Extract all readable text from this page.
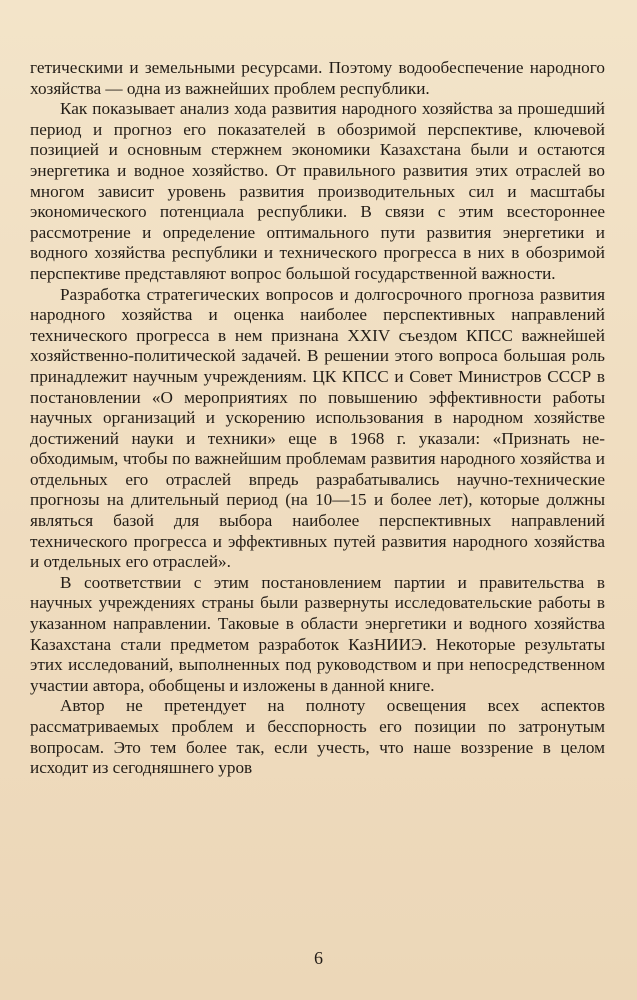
гетическими и земельными ресурсами. Поэтому водообеспечение народного хозяйства — одна из важнейших проблем республики.

Как показывает анализ хода развития народного хозяйства за прошедший период и прогноз его показателей в обозримой перспективе, ключевой позицией и основным стержнем экономики Казахстана были и остаются энергетика и водное хозяйство. От правильного развития этих отраслей во многом зависит уровень развития производительных сил и масштабы экономического потенциала республики. В связи с этим всестороннее рассмотрение и определение оптимального пути развития энергетики и водного хозяйства республики и технического прогресса в них в обозримой перспективе представляют вопрос большой государственной важности.

Разработка стратегических вопросов и долгосрочного прогноза развития народного хозяйства и оценка наиболее перспективных направлений технического прогресса в нем признана XXIV съездом КПСС важнейшей хозяйственно-политической задачей. В решении этого вопроса большая роль принадлежит научным учреждениям. ЦК КПСС и Совет Министров СССР в постановлении «О мероприятиях по повышению эффективности работы научных организаций и ускорению использования в народном хозяйстве достижений науки и техники» еще в 1968 г. указали: «Признать необходимым, чтобы по важнейшим проблемам развития народного хозяйства и отдельных его отраслей впредь разрабатывались научно-технические прогнозы на длительный период (на 10—15 и более лет), которые должны являться базой для выбора наиболее перспективных направлений технического прогресса и эффективных путей развития народного хозяйства и отдельных его отраслей».

В соответствии с этим постановлением партии и правительства в научных учреждениях страны были развернуты исследовательские работы в указанном направлении. Таковые в области энергетики и водного хозяйства Казахстана стали предметом разработок КазНИИЭ. Некоторые результаты этих исследований, выполненных под руководством и при непосредственном участии автора, обобщены и изложены в данной книге.

Автор не претендует на полноту освещения всех аспектов рассматриваемых проблем и бесспорность его позиции по затронутым вопросам. Это тем более так, если учесть, что наше воззрение в целом исходит из сегодняшнего уров

6
